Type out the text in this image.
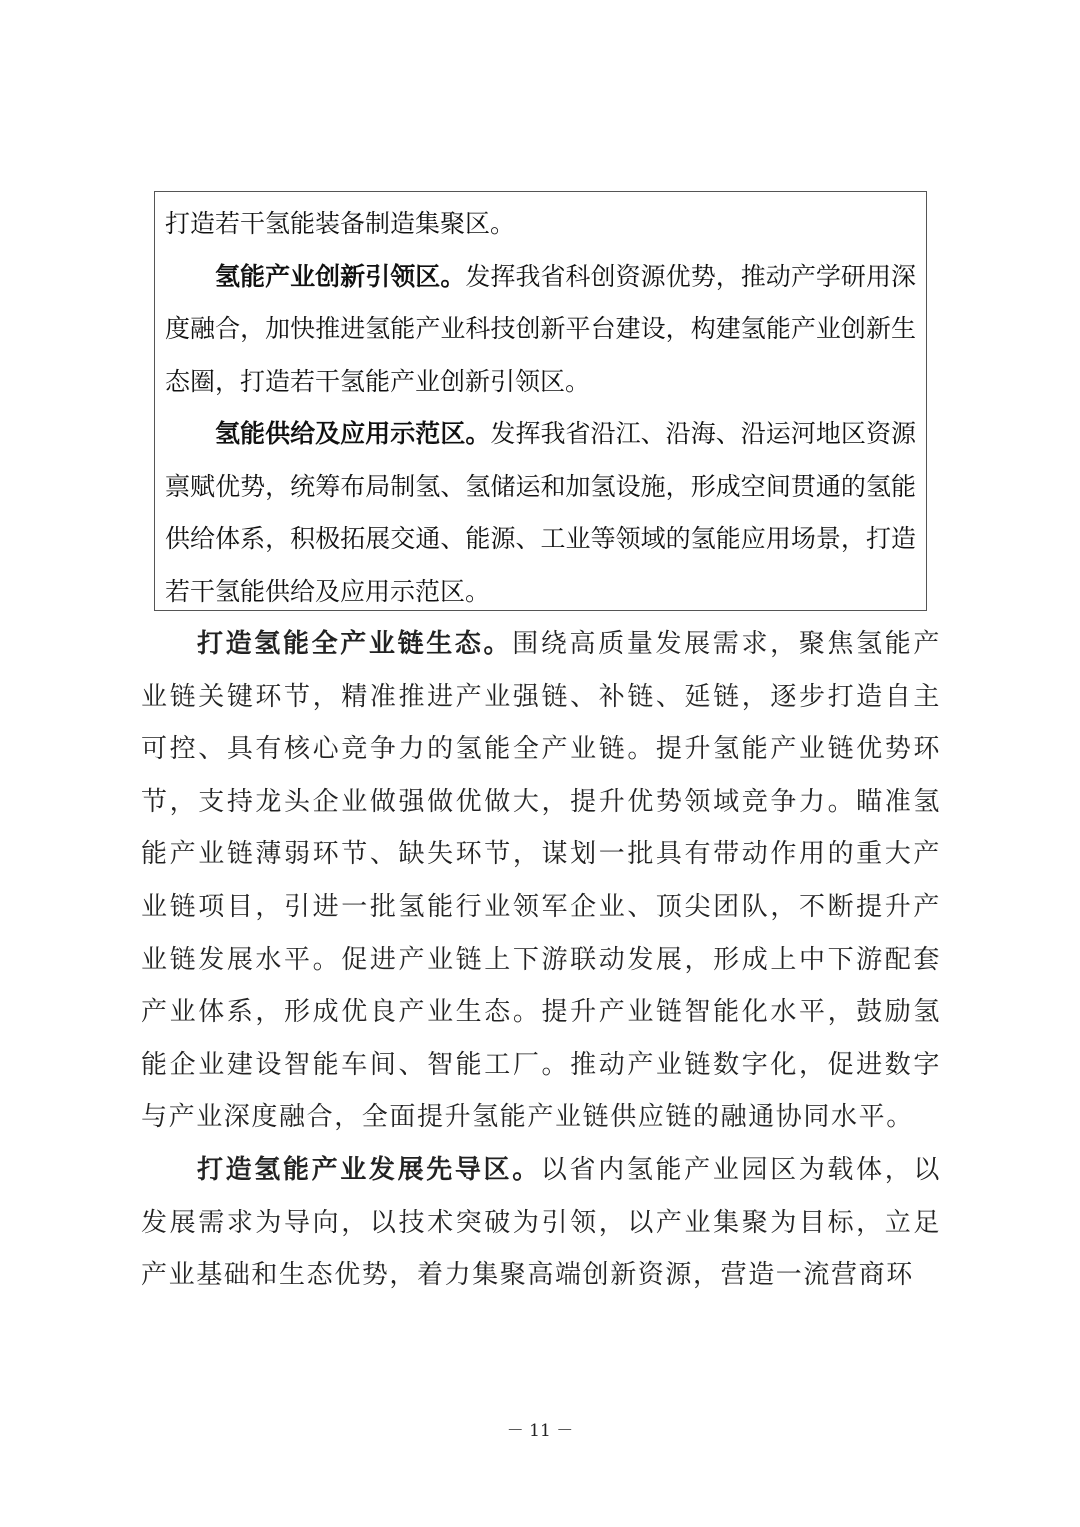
打造若干氢能装备制造集聚区。

氢能产业创新引领区。发挥我省科创资源优势，推动产学研用深度融合，加快推进氢能产业科技创新平台建设，构建氢能产业创新生态圈，打造若干氢能产业创新引领区。

氢能供给及应用示范区。发挥我省沿江、沿海、沿运河地区资源禀赋优势，统筹布局制氢、氢储运和加氢设施，形成空间贯通的氢能供给体系，积极拓展交通、能源、工业等领域的氢能应用场景，打造若干氢能供给及应用示范区。

打造氢能全产业链生态。围绕高质量发展需求，聚焦氢能产业链关键环节，精准推进产业强链、补链、延链，逐步打造自主可控、具有核心竞争力的氢能全产业链。提升氢能产业链优势环节，支持龙头企业做强做优做大，提升优势领域竞争力。瞄准氢能产业链薄弱环节、缺失环节，谋划一批具有带动作用的重大产业链项目，引进一批氢能行业领军企业、顶尖团队，不断提升产业链发展水平。促进产业链上下游联动发展，形成上中下游配套产业体系，形成优良产业生态。提升产业链智能化水平，鼓励氢能企业建设智能车间、智能工厂。推动产业链数字化，促进数字与产业深度融合，全面提升氢能产业链供应链的融通协同水平。

打造氢能产业发展先导区。以省内氢能产业园区为载体，以发展需求为导向，以技术突破为引领，以产业集聚为目标，立足产业基础和生态优势，着力集聚高端创新资源，营造一流营商环

－ 11 －
